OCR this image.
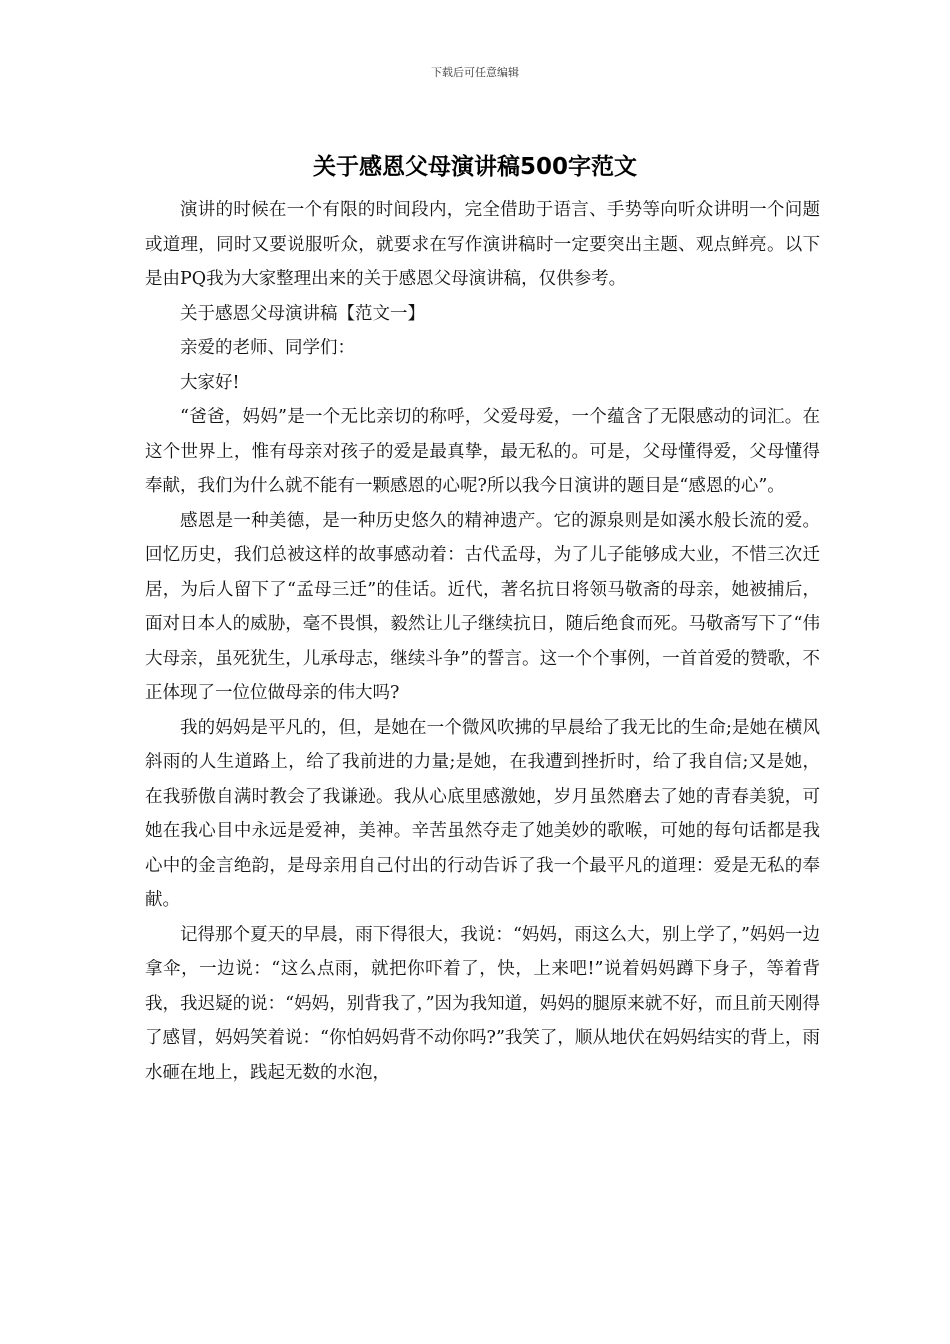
下载后可任意编辑
关于感恩父母演讲稿500字范文

演讲的时候在一个有限的时间段内，完全借助于语言、手势等向听众讲明一个问题或道理，同时又要说服听众，就要求在写作演讲稿时一定要突出主题、观点鲜亮。以下是由PQ我为大家整理出来的关于感恩父母演讲稿，仅供参考。

关于感恩父母演讲稿【范文一】

亲爱的老师、同学们：

大家好!

“爸爸，妈妈”是一个无比亲切的称呼，父爱母爱，一个蕴含了无限感动的词汇。在这个世界上，惟有母亲对孩子的爱是最真挚，最无私的。可是，父母懂得爱，父母懂得奉献，我们为什么就不能有一颗感恩的心呢?所以我今日演讲的题目是“感恩的心”。

感恩是一种美德，是一种历史悠久的精神遗产。它的源泉则是如溪水般长流的爱。回忆历史，我们总被这样的故事感动着：古代孟母，为了儿子能够成大业，不惜三次迁居，为后人留下了“孟母三迁”的佳话。近代，著名抗日将领马敬斋的母亲，她被捕后，面对日本人的威胁，毫不畏惧，毅然让儿子继续抗日，随后绝食而死。马敬斋写下了“伟大母亲，虽死犹生，儿承母志，继续斗争”的誓言。这一个个事例，一首首爱的赞歌，不正体现了一位位做母亲的伟大吗?

我的妈妈是平凡的，但，是她在一个微风吹拂的早晨给了我无比的生命;是她在横风斜雨的人生道路上，给了我前进的力量;是她，在我遭到挫折时，给了我自信;又是她，在我骄傲自满时教会了我谦逊。我从心底里感激她，岁月虽然磨去了她的青春美貌，可她在我心目中永远是爱神，美神。辛苦虽然夺走了她美妙的歌喉，可她的每句话都是我心中的金言绝韵，是母亲用自己付出的行动告诉了我一个最平凡的道理：爱是无私的奉献。

记得那个夏天的早晨，雨下得很大，我说：“妈妈，雨这么大，别上学了，”妈妈一边拿伞，一边说：“这么点雨，就把你吓着了，快，上来吧!”说着妈妈蹲下身子，等着背我，我迟疑的说：“妈妈，别背我了，”因为我知道，妈妈的腿原来就不好，而且前天刚得了感冒，妈妈笑着说：“你怕妈妈背不动你吗?”我笑了，顺从地伏在妈妈结实的背上，雨水砸在地上，践起无数的水泡，
